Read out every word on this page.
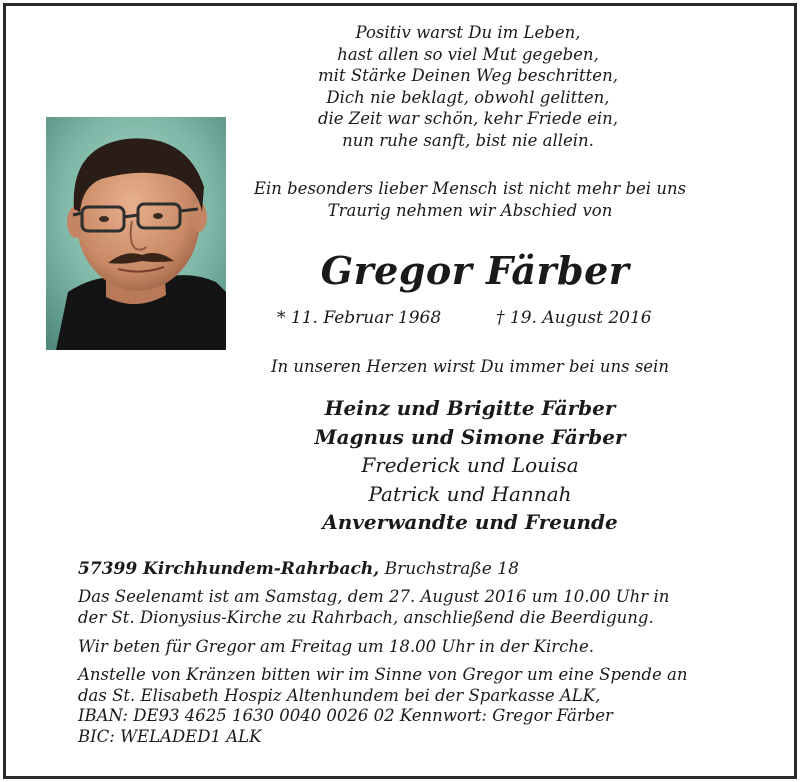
Positiv warst Du im Leben,
hast allen so viel Mut gegeben,
mit Stärke Deinen Weg beschritten,
Dich nie beklagt, obwohl gelitten,
die Zeit war schön, kehr Friede ein,
nun ruhe sanft, bist nie allein.
Ein besonders lieber Mensch ist nicht mehr bei uns
Traurig nehmen wir Abschied von
Gregor Färber
* 11. Februar 1968	† 19. August 2016
In unseren Herzen wirst Du immer bei uns sein
Heinz und Brigitte Färber
Magnus und Simone Färber
Frederick und Louisa
Patrick und Hannah
Anverwandte und Freunde
57399 Kirchhundem-Rahrbach, Bruchstraße 18
Das Seelenamt ist am Samstag, dem 27. August 2016 um 10.00 Uhr in
der St. Dionysius-Kirche zu Rahrbach, anschließend die Beerdigung.
Wir beten für Gregor am Freitag um 18.00 Uhr in der Kirche.
Anstelle von Kränzen bitten wir im Sinne von Gregor um eine Spende an
das St. Elisabeth Hospiz Altenhundem bei der Sparkasse ALK,
IBAN: DE93 4625 1630 0040 0026 02 Kennwort: Gregor Färber
BIC: WELADED1 ALK
